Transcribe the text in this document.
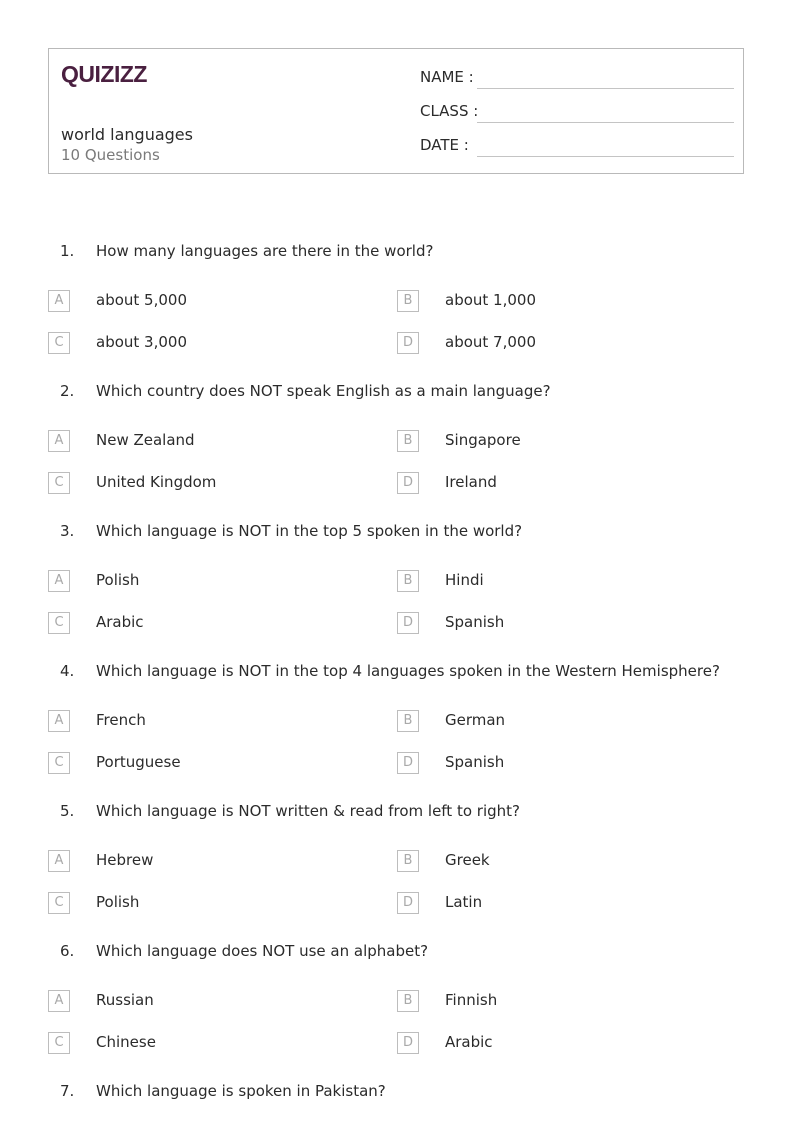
QUIZIZZ
world languages
10 Questions
NAME :
CLASS :
DATE :
1. How many languages are there in the world?
A	about 5,000	B	about 1,000
C	about 3,000	D	about 7,000
2. Which country does NOT speak English as a main language?
A	New Zealand	B	Singapore
C	United Kingdom	D	Ireland
3. Which language is NOT in the top 5 spoken in the world?
A	Polish	B	Hindi
C	Arabic	D	Spanish
4. Which language is NOT in the top 4 languages spoken in the Western Hemisphere?
A	French	B	German
C	Portuguese	D	Spanish
5. Which language is NOT written & read from left to right?
A	Hebrew	B	Greek
C	Polish	D	Latin
6. Which language does NOT use an alphabet?
A	Russian	B	Finnish
C	Chinese	D	Arabic
7. Which language is spoken in Pakistan?
